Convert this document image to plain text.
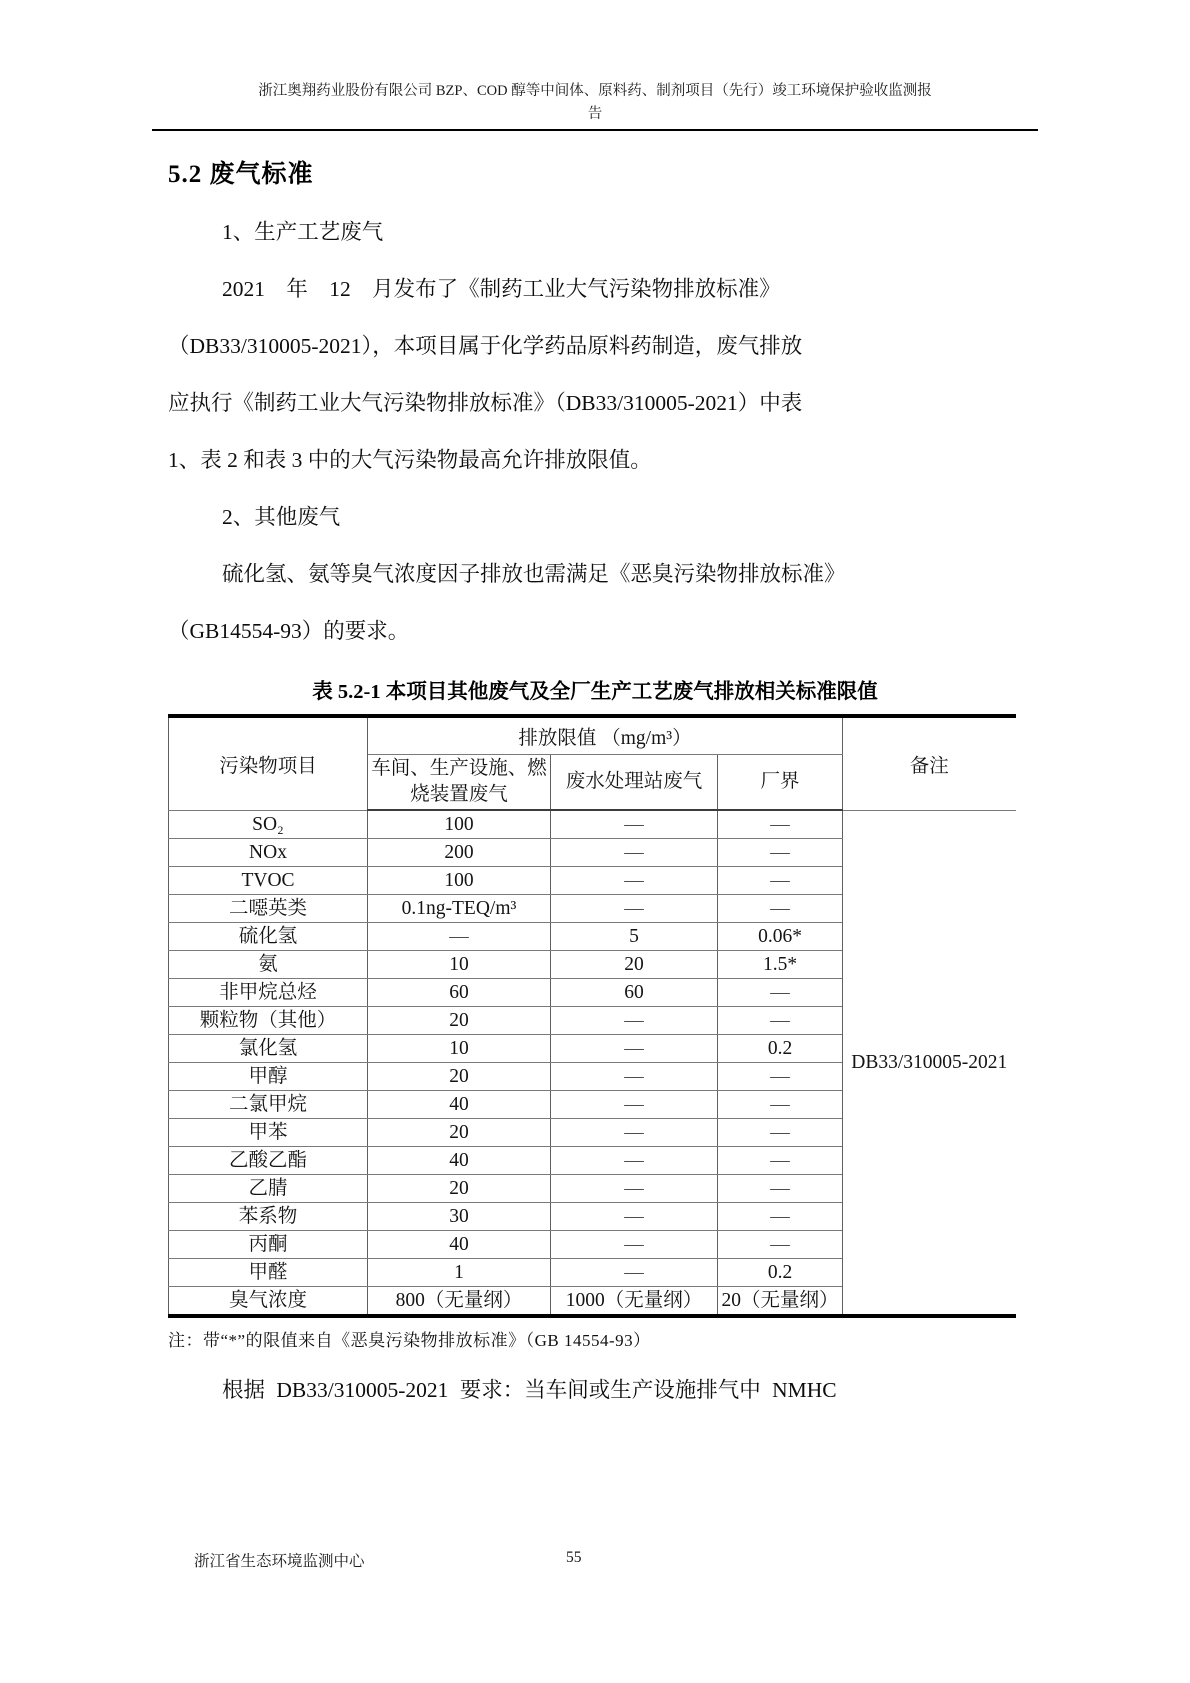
浙江奥翔药业股份有限公司 BZP、COD 醇等中间体、原料药、制剂项目（先行）竣工环境保护验收监测报
告
5.2 废气标准
1、生产工艺废气
2021 年 12 月发布了《制药工业大气污染物排放标准》
（DB33/310005-2021），本项目属于化学药品原料药制造，废气排放
应执行《制药工业大气污染物排放标准》（DB33/310005-2021）中表
1、表 2 和表 3 中的大气污染物最高允许排放限值。
2、其他废气
硫化氢、氨等臭气浓度因子排放也需满足《恶臭污染物排放标准》
（GB14554-93）的要求。
表 5.2-1 本项目其他废气及全厂生产工艺废气排放相关标准限值
污染物项目	排放限值 （mg/m³）			备注
	车间、生产设施、燃烧装置废气	废水处理站废气	厂界	
SO₂	100	—	—	DB33/310005-2021
NOx	200	—	—	
TVOC	100	—	—	
二噁英类	0.1ng-TEQ/m³	—	—	
硫化氢	—	5	0.06*	
氨	10	20	1.5*	
非甲烷总烃	60	60	—	
颗粒物（其他）	20	—	—	
氯化氢	10	—	0.2	
甲醇	20	—	—	
二氯甲烷	40	—	—	
甲苯	20	—	—	
乙酸乙酯	40	—	—	
乙腈	20	—	—	
苯系物	30	—	—	
丙酮	40	—	—	
甲醛	1	—	0.2	
臭气浓度	800（无量纲）	1000（无量纲）	20（无量纲）	
注：带“*”的限值来自《恶臭污染物排放标准》（GB 14554-93）
根据 DB33/310005-2021 要求：当车间或生产设施排气中 NMHC
浙江省生态环境监测中心	55
